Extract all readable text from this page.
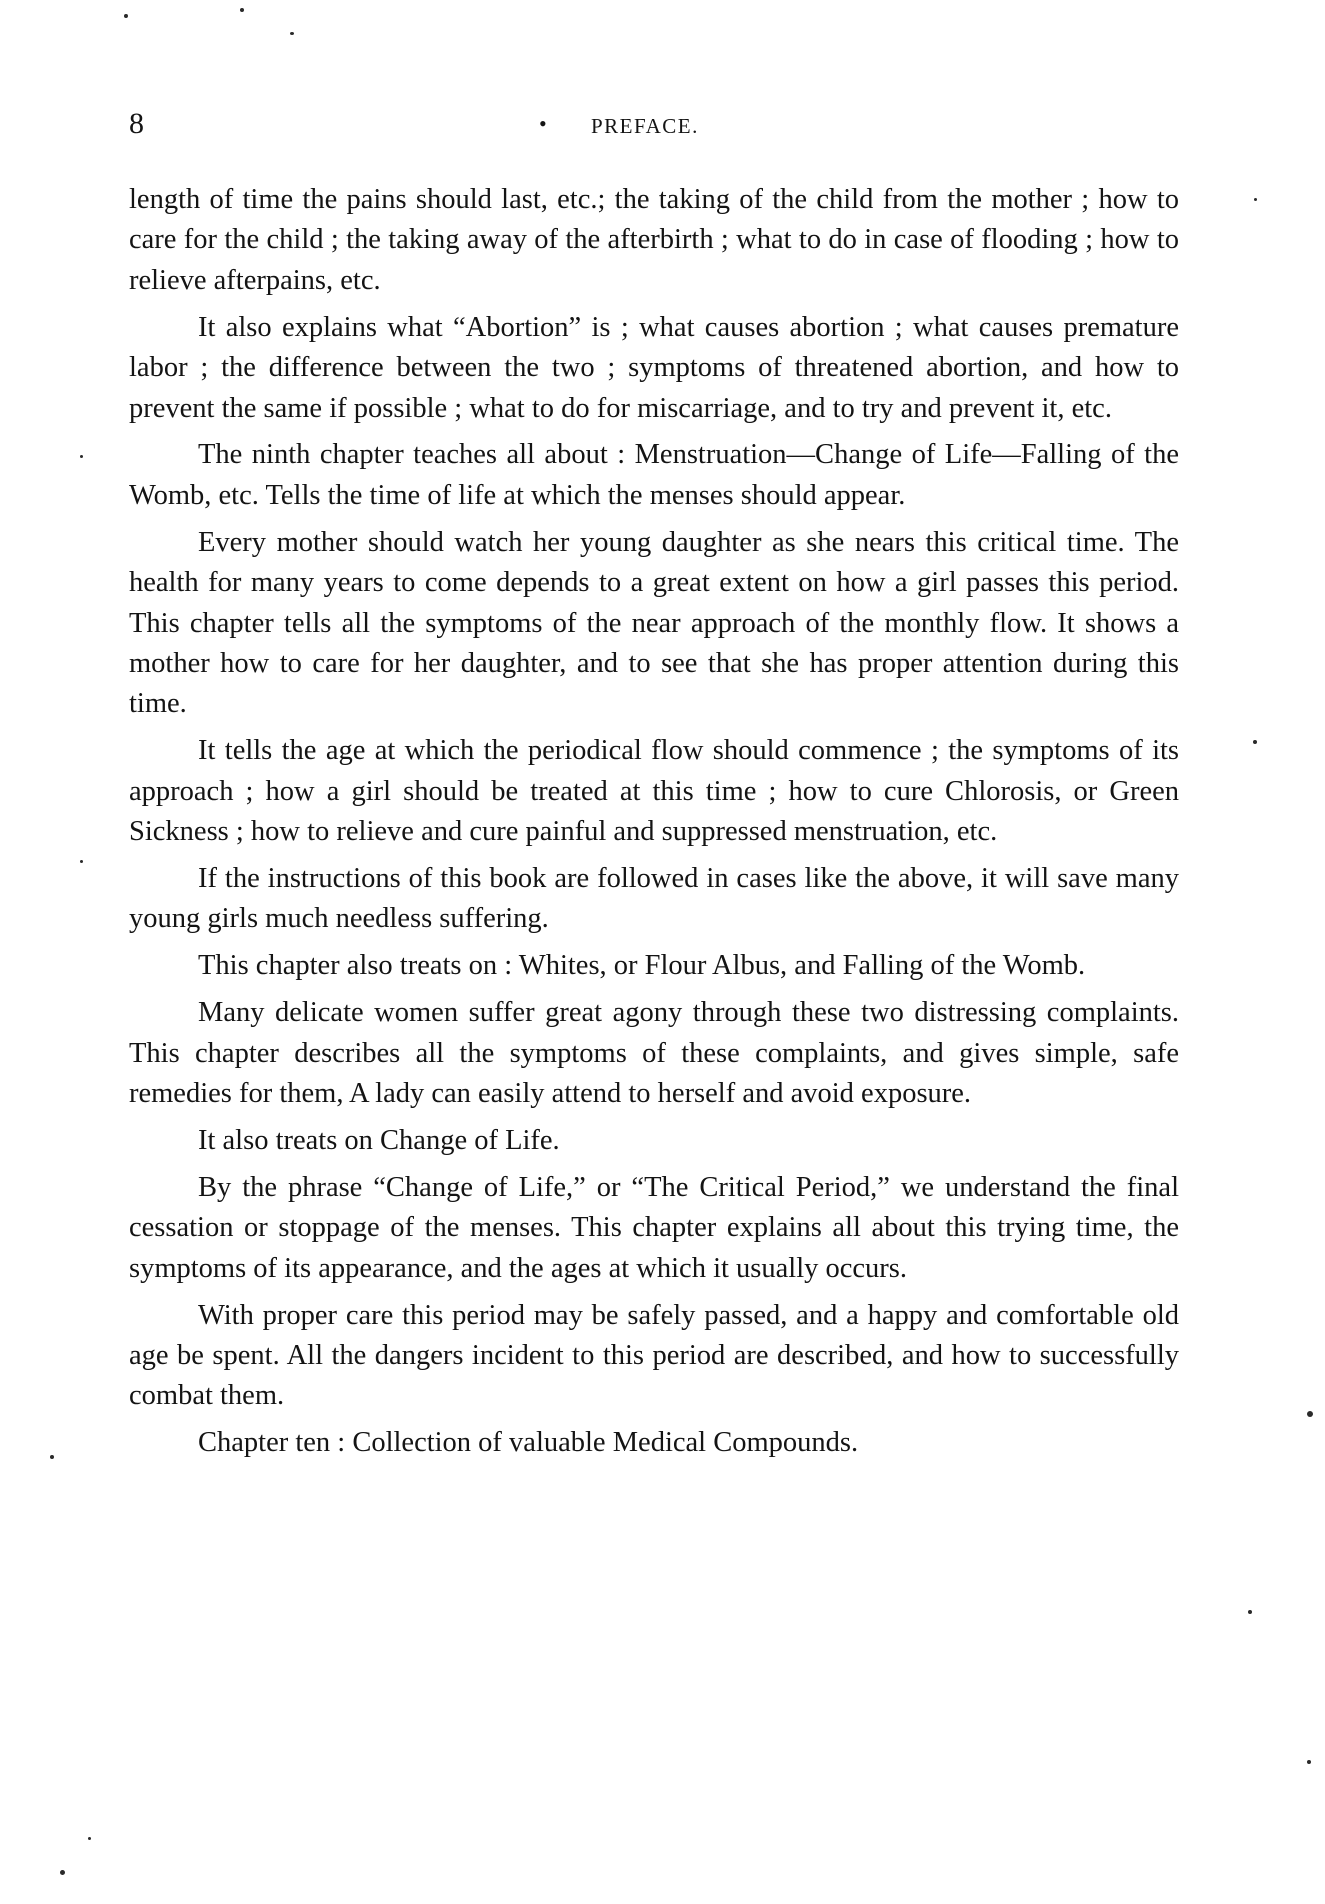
8	• PREFACE.

length of time the pains should last, etc.; the taking of the child from the mother ; how to care for the child ; the taking away of the afterbirth ; what to do in case of flooding ; how to relieve afterpains, etc.

It also explains what “Abortion” is ; what causes abortion ; what causes premature labor ; the difference between the two ; symptoms of threatened abortion, and how to prevent the same if possible ; what to do for miscarriage, and to try and prevent it, etc.

The ninth chapter teaches all about : Menstruation—Change of Life—Falling of the Womb, etc. Tells the time of life at which the menses should appear.

Every mother should watch her young daughter as she nears this critical time. The health for many years to come depends to a great extent on how a girl passes this period. This chapter tells all the symptoms of the near approach of the monthly flow. It shows a mother how to care for her daughter, and to see that she has proper attention during this time.

It tells the age at which the periodical flow should commence ; the symptoms of its approach ; how a girl should be treated at this time ; how to cure Chlorosis, or Green Sickness ; how to relieve and cure painful and suppressed menstruation, etc.

If the instructions of this book are followed in cases like the above, it will save many young girls much needless suffering.

This chapter also treats on : Whites, or Flour Albus, and Falling of the Womb.

Many delicate women suffer great agony through these two distressing complaints. This chapter describes all the symptoms of these complaints, and gives simple, safe remedies for them, A lady can easily attend to herself and avoid exposure.

It also treats on Change of Life.

By the phrase “Change of Life,” or “The Critical Period,” we understand the final cessation or stoppage of the menses. This chapter explains all about this trying time, the symptoms of its appearance, and the ages at which it usually occurs.

With proper care this period may be safely passed, and a happy and comfortable old age be spent. All the dangers incident to this period are described, and how to successfully combat them.

Chapter ten : Collection of valuable Medical Compounds.
